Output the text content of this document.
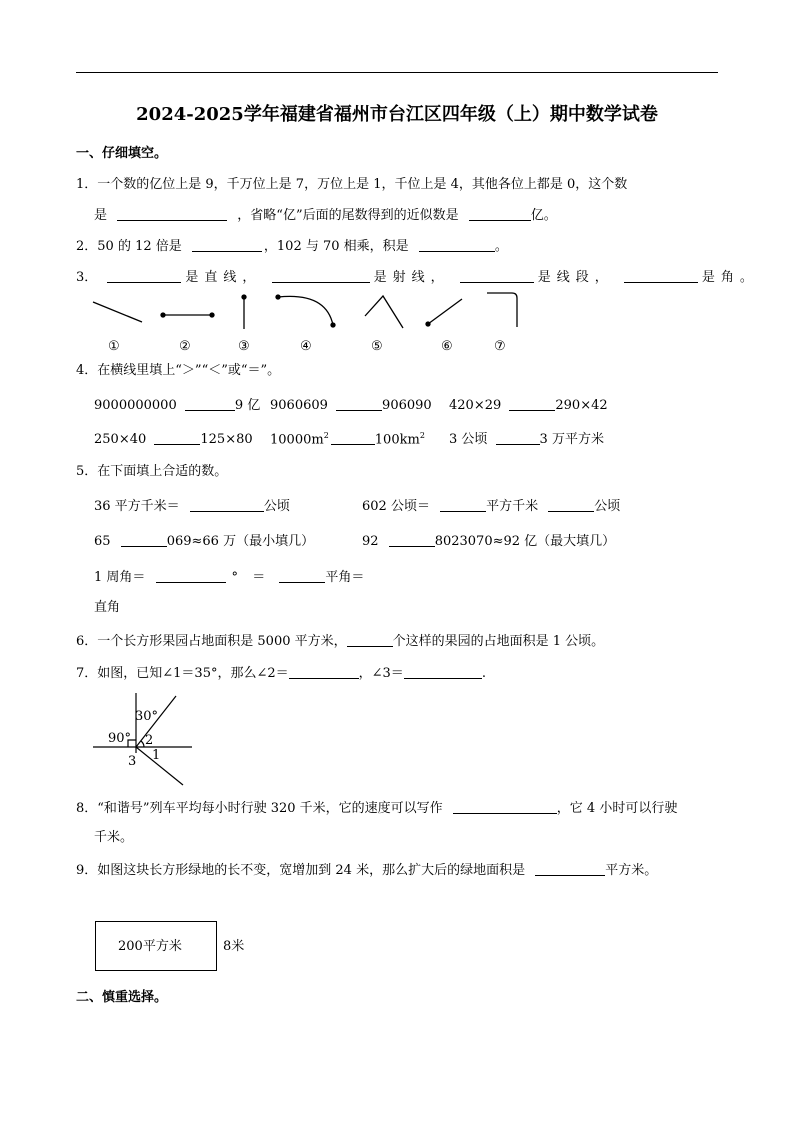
2024-2025学年福建省福州市台江区四年级（上）期中数学试卷
一、仔细填空。
1．一个数的亿位上是 9，千万位上是 7，万位上是 1，千位上是 4，其他各位上都是 0，这个数
是	，省略“亿”后面的尾数得到的近似数是	亿。
2．50 的 12 倍是	，102 与 70 相乘，积是	。
3．	是直线，	是射线，	是线段，	是角。
①	②	③	④	⑤	⑥	⑦
4．在横线里填上“＞”“＜”或“＝”。
9000000000	9 亿 9060609	906090 420×29	290×42
250×40	125×80 $10000m^2$	$100km^2$ 3 公顷	3 万平方米
5．在下面填上合适的数。
36 平方千米＝	公顷	602 公顷＝	平方千米	公顷
65	069≈66 万（最小填几）	92	8023070≈92 亿（最大填几）
1 周角＝	° ＝	平角＝
直角
6．一个长方形果园占地面积是 5000 平方米，	个这样的果园的占地面积是 1 公顷。
7．如图，已知∠1＝35°，那么∠2＝	，∠3＝	.
30°
90° 2
3 1
8．“和谐号”列车平均每小时行驶 320 千米，它的速度可以写作	，它 4 小时可以行驶
千米。
9．如图这块长方形绿地的长不变，宽增加到 24 米，那么扩大后的绿地面积是	平方米。
200平方米	8米
二、慎重选择。
